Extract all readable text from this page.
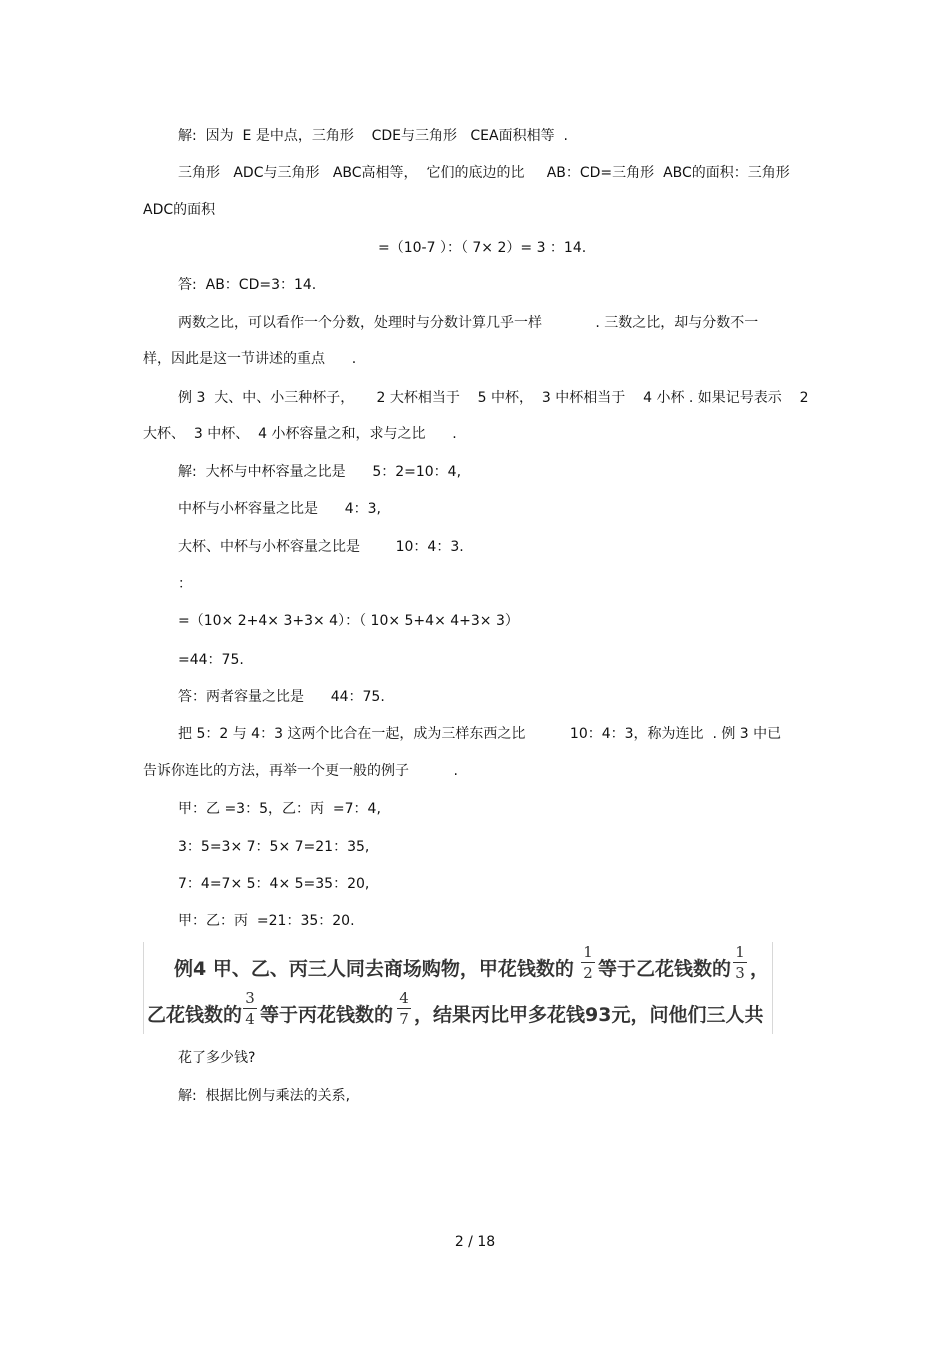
解:  因为  E 是中点，三角形    CDE与三角形   CEA面积相等  .
三角形   ADC与三角形   ABC高相等，  它们的底边的比     AB：CD=三角形  ABC的面积：三角形
ADC的面积
=（10-7 ）：（ 7× 2）= 3 ：14.
答:  AB：CD=3：14.
两数之比，可以看作一个分数，处理时与分数计算几乎一样            . 三数之比，却与分数不一
样，因此是这一节讲述的重点      .
例 3  大、中、小三种杯子，     2 大杯相当于    5 中杯，  3 中杯相当于    4 小杯 . 如果记号表示    2
大杯、  3 中杯、  4 小杯容量之和，求与之比      .
解:  大杯与中杯容量之比是      5：2=10：4,
中杯与小杯容量之比是      4：3,
大杯、中杯与小杯容量之比是        10：4：3.
：
=（10× 2+4× 3+3× 4）：（ 10× 5+4× 4+3× 3）
=44：75.
答：两者容量之比是      44：75.
把 5：2 与 4：3 这两个比合在一起，成为三样东西之比          10：4：3，称为连比  . 例 3 中已
告诉你连比的方法，再举一个更一般的例子          .
甲：乙 =3：5，乙：丙  =7：4,
3：5=3× 7：5× 7=21：35,
7：4=7× 5：4× 5=35：20,
甲：乙：丙  =21：35：20.
例4 甲、乙、丙三人同去商场购物，甲花钱数的
1
2 等于乙花钱数的
1
3 ，
乙花钱数的
3
4 等于丙花钱数的
4
7 ，结果丙比甲多花钱93元，问他们三人共
花了多少钱?
解:  根据比例与乘法的关系,
2 / 18
